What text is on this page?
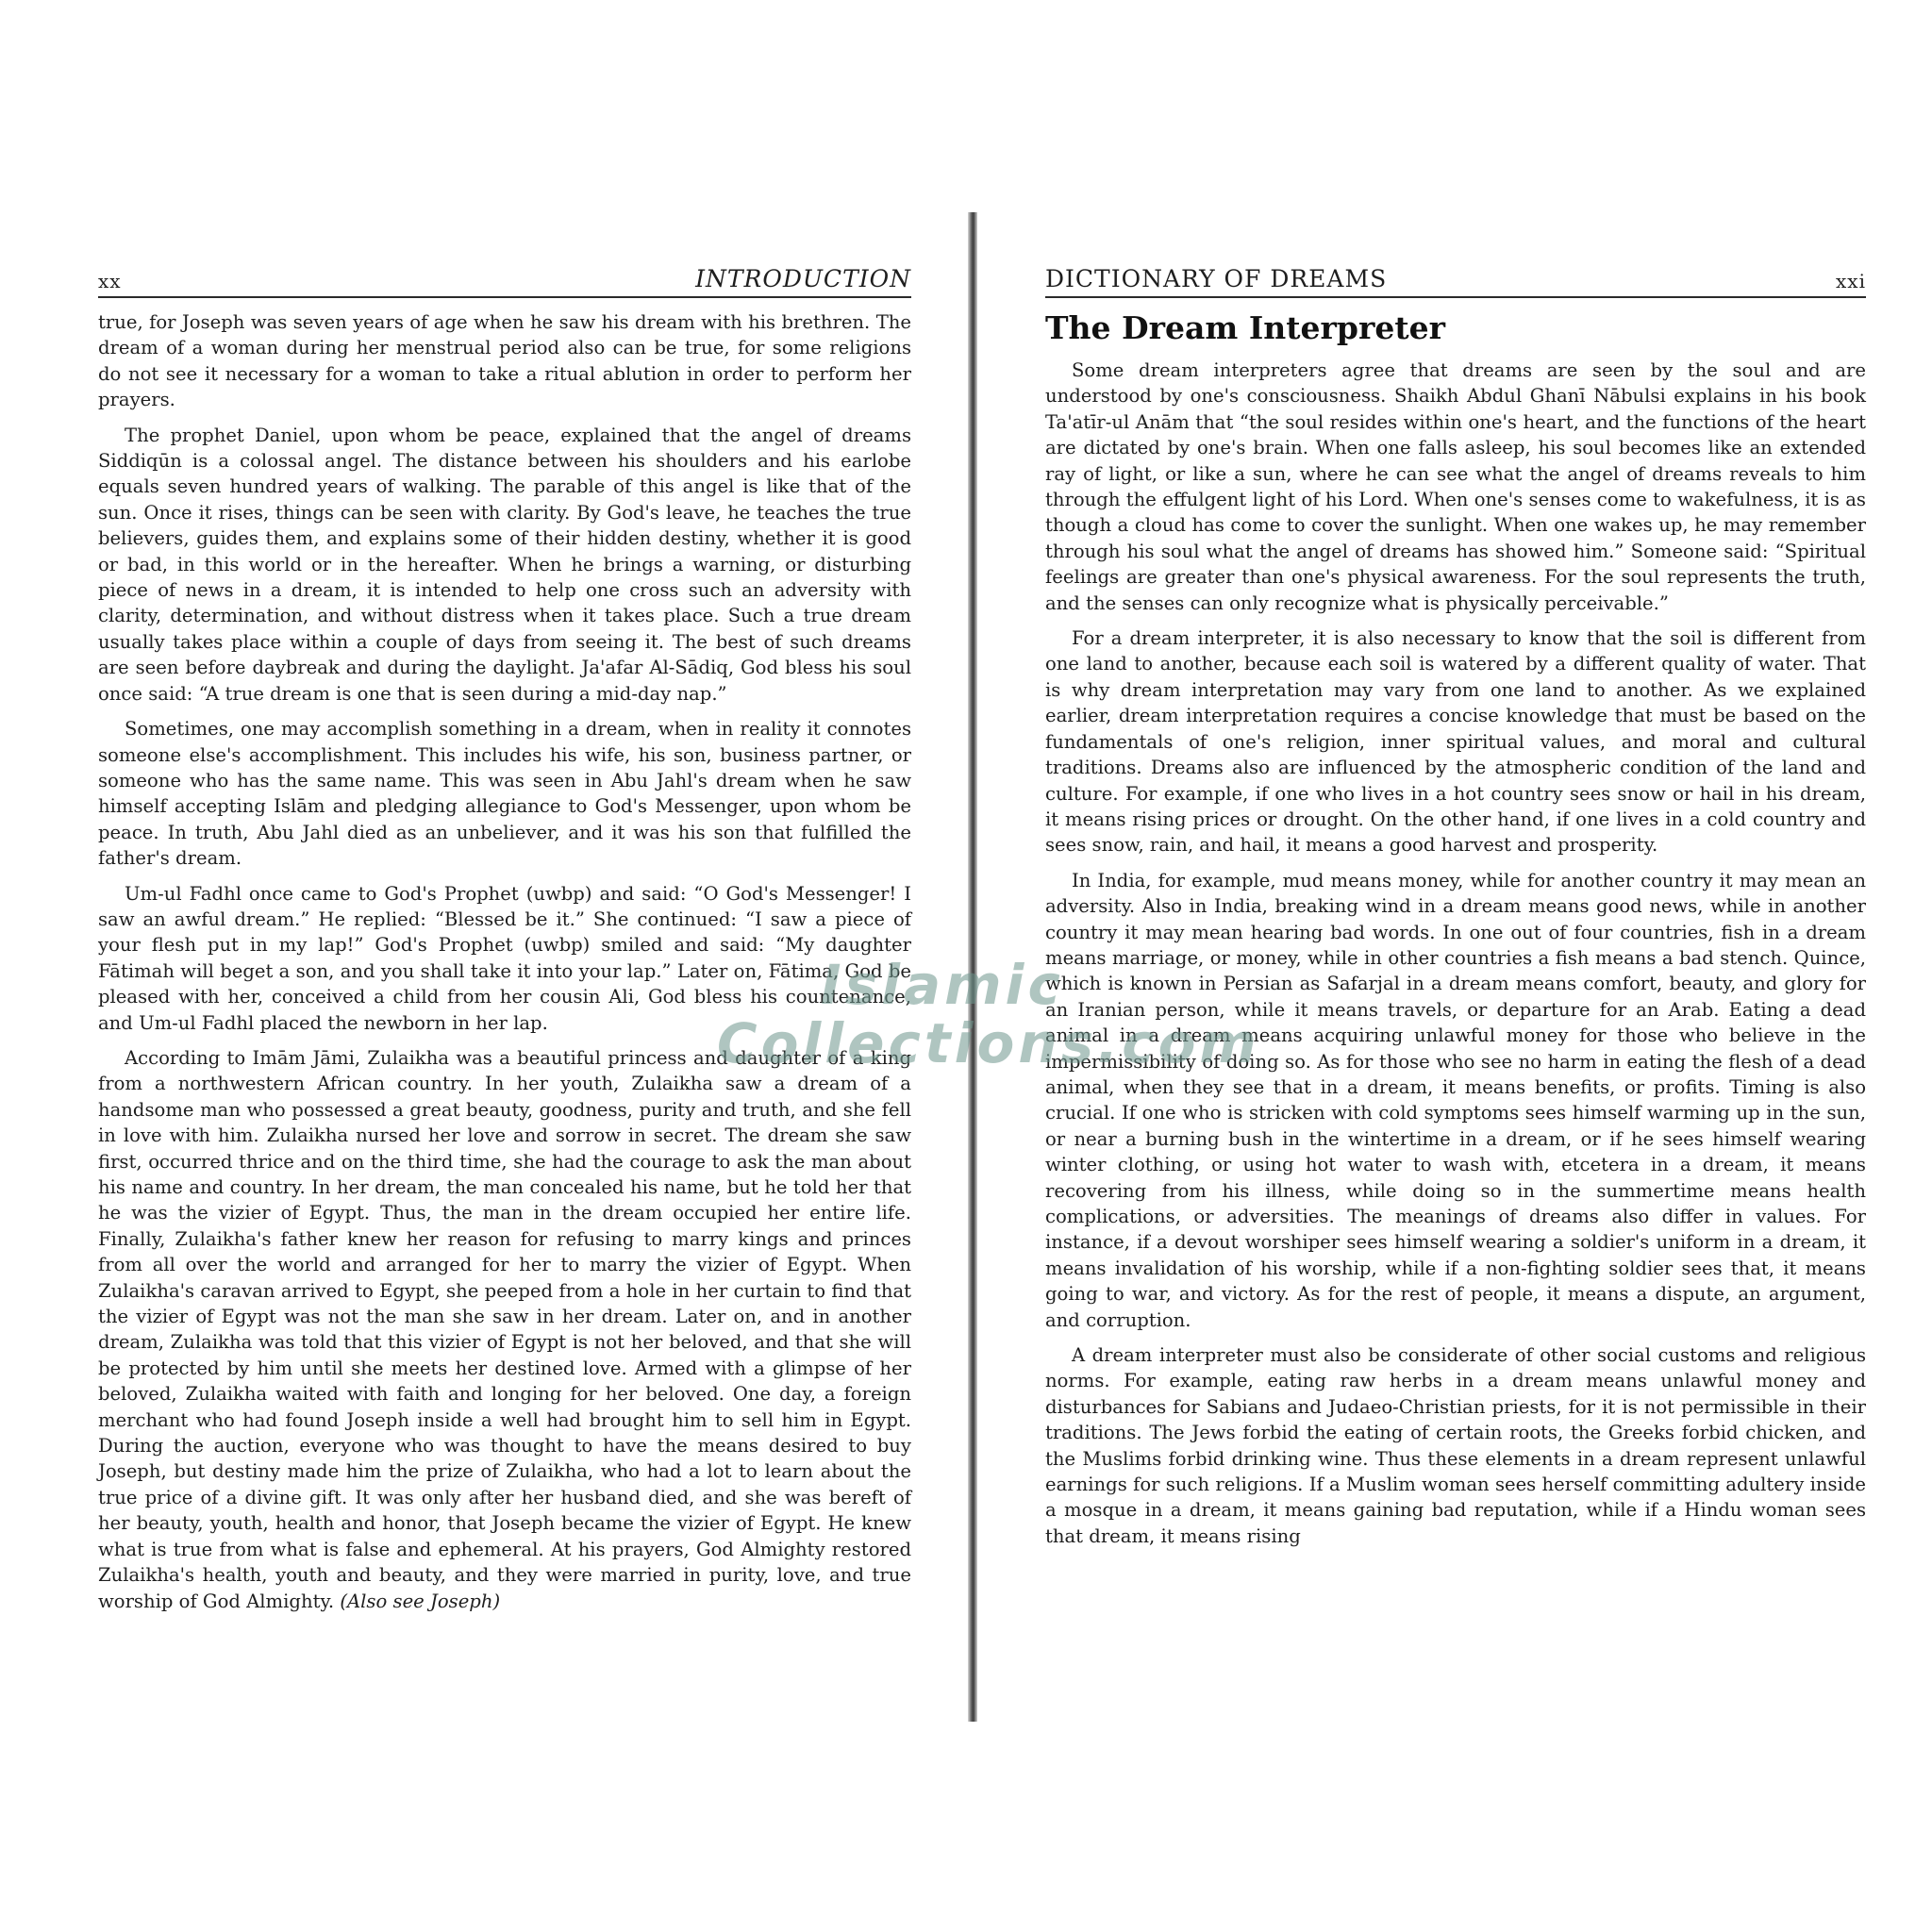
xx	INTRODUCTION

true, for Joseph was seven years of age when he saw his dream with his brethren. The dream of a woman during her menstrual period also can be true, for some religions do not see it necessary for a woman to take a ritual ablution in order to perform her prayers.

The prophet Daniel, upon whom be peace, explained that the angel of dreams Siddiqūn is a colossal angel. The distance between his shoulders and his earlobe equals seven hundred years of walking. The parable of this angel is like that of the sun. Once it rises, things can be seen with clarity. By God's leave, he teaches the true believers, guides them, and explains some of their hidden destiny, whether it is good or bad, in this world or in the hereafter. When he brings a warning, or disturbing piece of news in a dream, it is intended to help one cross such an adversity with clarity, determination, and without distress when it takes place. Such a true dream usually takes place within a couple of days from seeing it. The best of such dreams are seen before daybreak and during the daylight. Ja'afar Al-Sādiq, God bless his soul once said: “A true dream is one that is seen during a mid-day nap.”

Sometimes, one may accomplish something in a dream, when in reality it connotes someone else's accomplishment. This includes his wife, his son, business partner, or someone who has the same name. This was seen in Abu Jahl's dream when he saw himself accepting Islām and pledging allegiance to God's Messenger, upon whom be peace. In truth, Abu Jahl died as an unbeliever, and it was his son that fulfilled the father's dream.

Um-ul Fadhl once came to God's Prophet (uwbp) and said: “O God's Messenger! I saw an awful dream.” He replied: “Blessed be it.” She continued: “I saw a piece of your flesh put in my lap!” God's Prophet (uwbp) smiled and said: “My daughter Fātimah will beget a son, and you shall take it into your lap.” Later on, Fātima, God be pleased with her, conceived a child from her cousin Ali, God bless his countenance, and Um-ul Fadhl placed the newborn in her lap.

According to Imām Jāmi, Zulaikha was a beautiful princess and daughter of a king from a northwestern African country. In her youth, Zulaikha saw a dream of a handsome man who possessed a great beauty, goodness, purity and truth, and she fell in love with him. Zulaikha nursed her love and sorrow in secret. The dream she saw first, occurred thrice and on the third time, she had the courage to ask the man about his name and country. In her dream, the man concealed his name, but he told her that he was the vizier of Egypt. Thus, the man in the dream occupied her entire life. Finally, Zulaikha's father knew her reason for refusing to marry kings and princes from all over the world and arranged for her to marry the vizier of Egypt. When Zulaikha's caravan arrived to Egypt, she peeped from a hole in her curtain to find that the vizier of Egypt was not the man she saw in her dream. Later on, and in another dream, Zulaikha was told that this vizier of Egypt is not her beloved, and that she will be protected by him until she meets her destined love. Armed with a glimpse of her beloved, Zulaikha waited with faith and longing for her beloved. One day, a foreign merchant who had found Joseph inside a well had brought him to sell him in Egypt. During the auction, everyone who was thought to have the means desired to buy Joseph, but destiny made him the prize of Zulaikha, who had a lot to learn about the true price of a divine gift. It was only after her husband died, and she was bereft of her beauty, youth, health and honor, that Joseph became the vizier of Egypt. He knew what is true from what is false and ephemeral. At his prayers, God Almighty restored Zulaikha's health, youth and beauty, and they were married in purity, love, and true worship of God Almighty. (Also see Joseph)

DICTIONARY OF DREAMS	xxi
The Dream Interpreter

Some dream interpreters agree that dreams are seen by the soul and are understood by one's consciousness. Shaikh Abdul Ghanī Nābulsi explains in his book Ta'atīr-ul Anām that “the soul resides within one's heart, and the functions of the heart are dictated by one's brain. When one falls asleep, his soul becomes like an extended ray of light, or like a sun, where he can see what the angel of dreams reveals to him through the effulgent light of his Lord. When one's senses come to wakefulness, it is as though a cloud has come to cover the sunlight. When one wakes up, he may remember through his soul what the angel of dreams has showed him.” Someone said: “Spiritual feelings are greater than one's physical awareness. For the soul represents the truth, and the senses can only recognize what is physically perceivable.”

For a dream interpreter, it is also necessary to know that the soil is different from one land to another, because each soil is watered by a different quality of water. That is why dream interpretation may vary from one land to another. As we explained earlier, dream interpretation requires a concise knowledge that must be based on the fundamentals of one's religion, inner spiritual values, and moral and cultural traditions. Dreams also are influenced by the atmospheric condition of the land and culture. For example, if one who lives in a hot country sees snow or hail in his dream, it means rising prices or drought. On the other hand, if one lives in a cold country and sees snow, rain, and hail, it means a good harvest and prosperity.

In India, for example, mud means money, while for another country it may mean an adversity. Also in India, breaking wind in a dream means good news, while in another country it may mean hearing bad words. In one out of four countries, fish in a dream means marriage, or money, while in other countries a fish means a bad stench. Quince, which is known in Persian as Safarjal in a dream means comfort, beauty, and glory for an Iranian person, while it means travels, or departure for an Arab. Eating a dead animal in a dream means acquiring unlawful money for those who believe in the impermissibility of doing so. As for those who see no harm in eating the flesh of a dead animal, when they see that in a dream, it means benefits, or profits. Timing is also crucial. If one who is stricken with cold symptoms sees himself warming up in the sun, or near a burning bush in the wintertime in a dream, or if he sees himself wearing winter clothing, or using hot water to wash with, etcetera in a dream, it means recovering from his illness, while doing so in the summertime means health complications, or adversities. The meanings of dreams also differ in values. For instance, if a devout worshiper sees himself wearing a soldier's uniform in a dream, it means invalidation of his worship, while if a non-fighting soldier sees that, it means going to war, and victory. As for the rest of people, it means a dispute, an argument, and corruption.

A dream interpreter must also be considerate of other social customs and religious norms. For example, eating raw herbs in a dream means unlawful money and disturbances for Sabians and Judaeo-Christian priests, for it is not permissible in their traditions. The Jews forbid the eating of certain roots, the Greeks forbid chicken, and the Muslims forbid drinking wine. Thus these elements in a dream represent unlawful earnings for such religions. If a Muslim woman sees herself committing adultery inside a mosque in a dream, it means gaining bad reputation, while if a Hindu woman sees that dream, it means rising

Islamic
Collections.com
